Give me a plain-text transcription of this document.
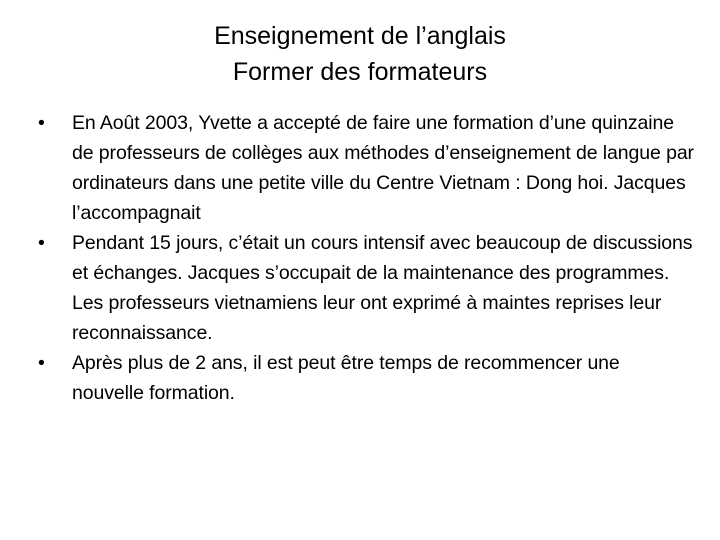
Enseignement de l’anglais
Former des formateurs
•	En Août 2003, Yvette a accepté de faire une formation d’une quinzaine de professeurs de collèges aux méthodes d’enseignement de langue par ordinateurs dans une petite ville du Centre Vietnam : Dong hoi. Jacques l’accompagnait
•	Pendant 15 jours, c’était un cours intensif avec beaucoup de discussions et échanges. Jacques s’occupait de la maintenance des programmes. Les professeurs vietnamiens leur ont exprimé à maintes reprises leur reconnaissance.
•	Après plus de 2 ans, il est peut être temps de recommencer une nouvelle formation.
